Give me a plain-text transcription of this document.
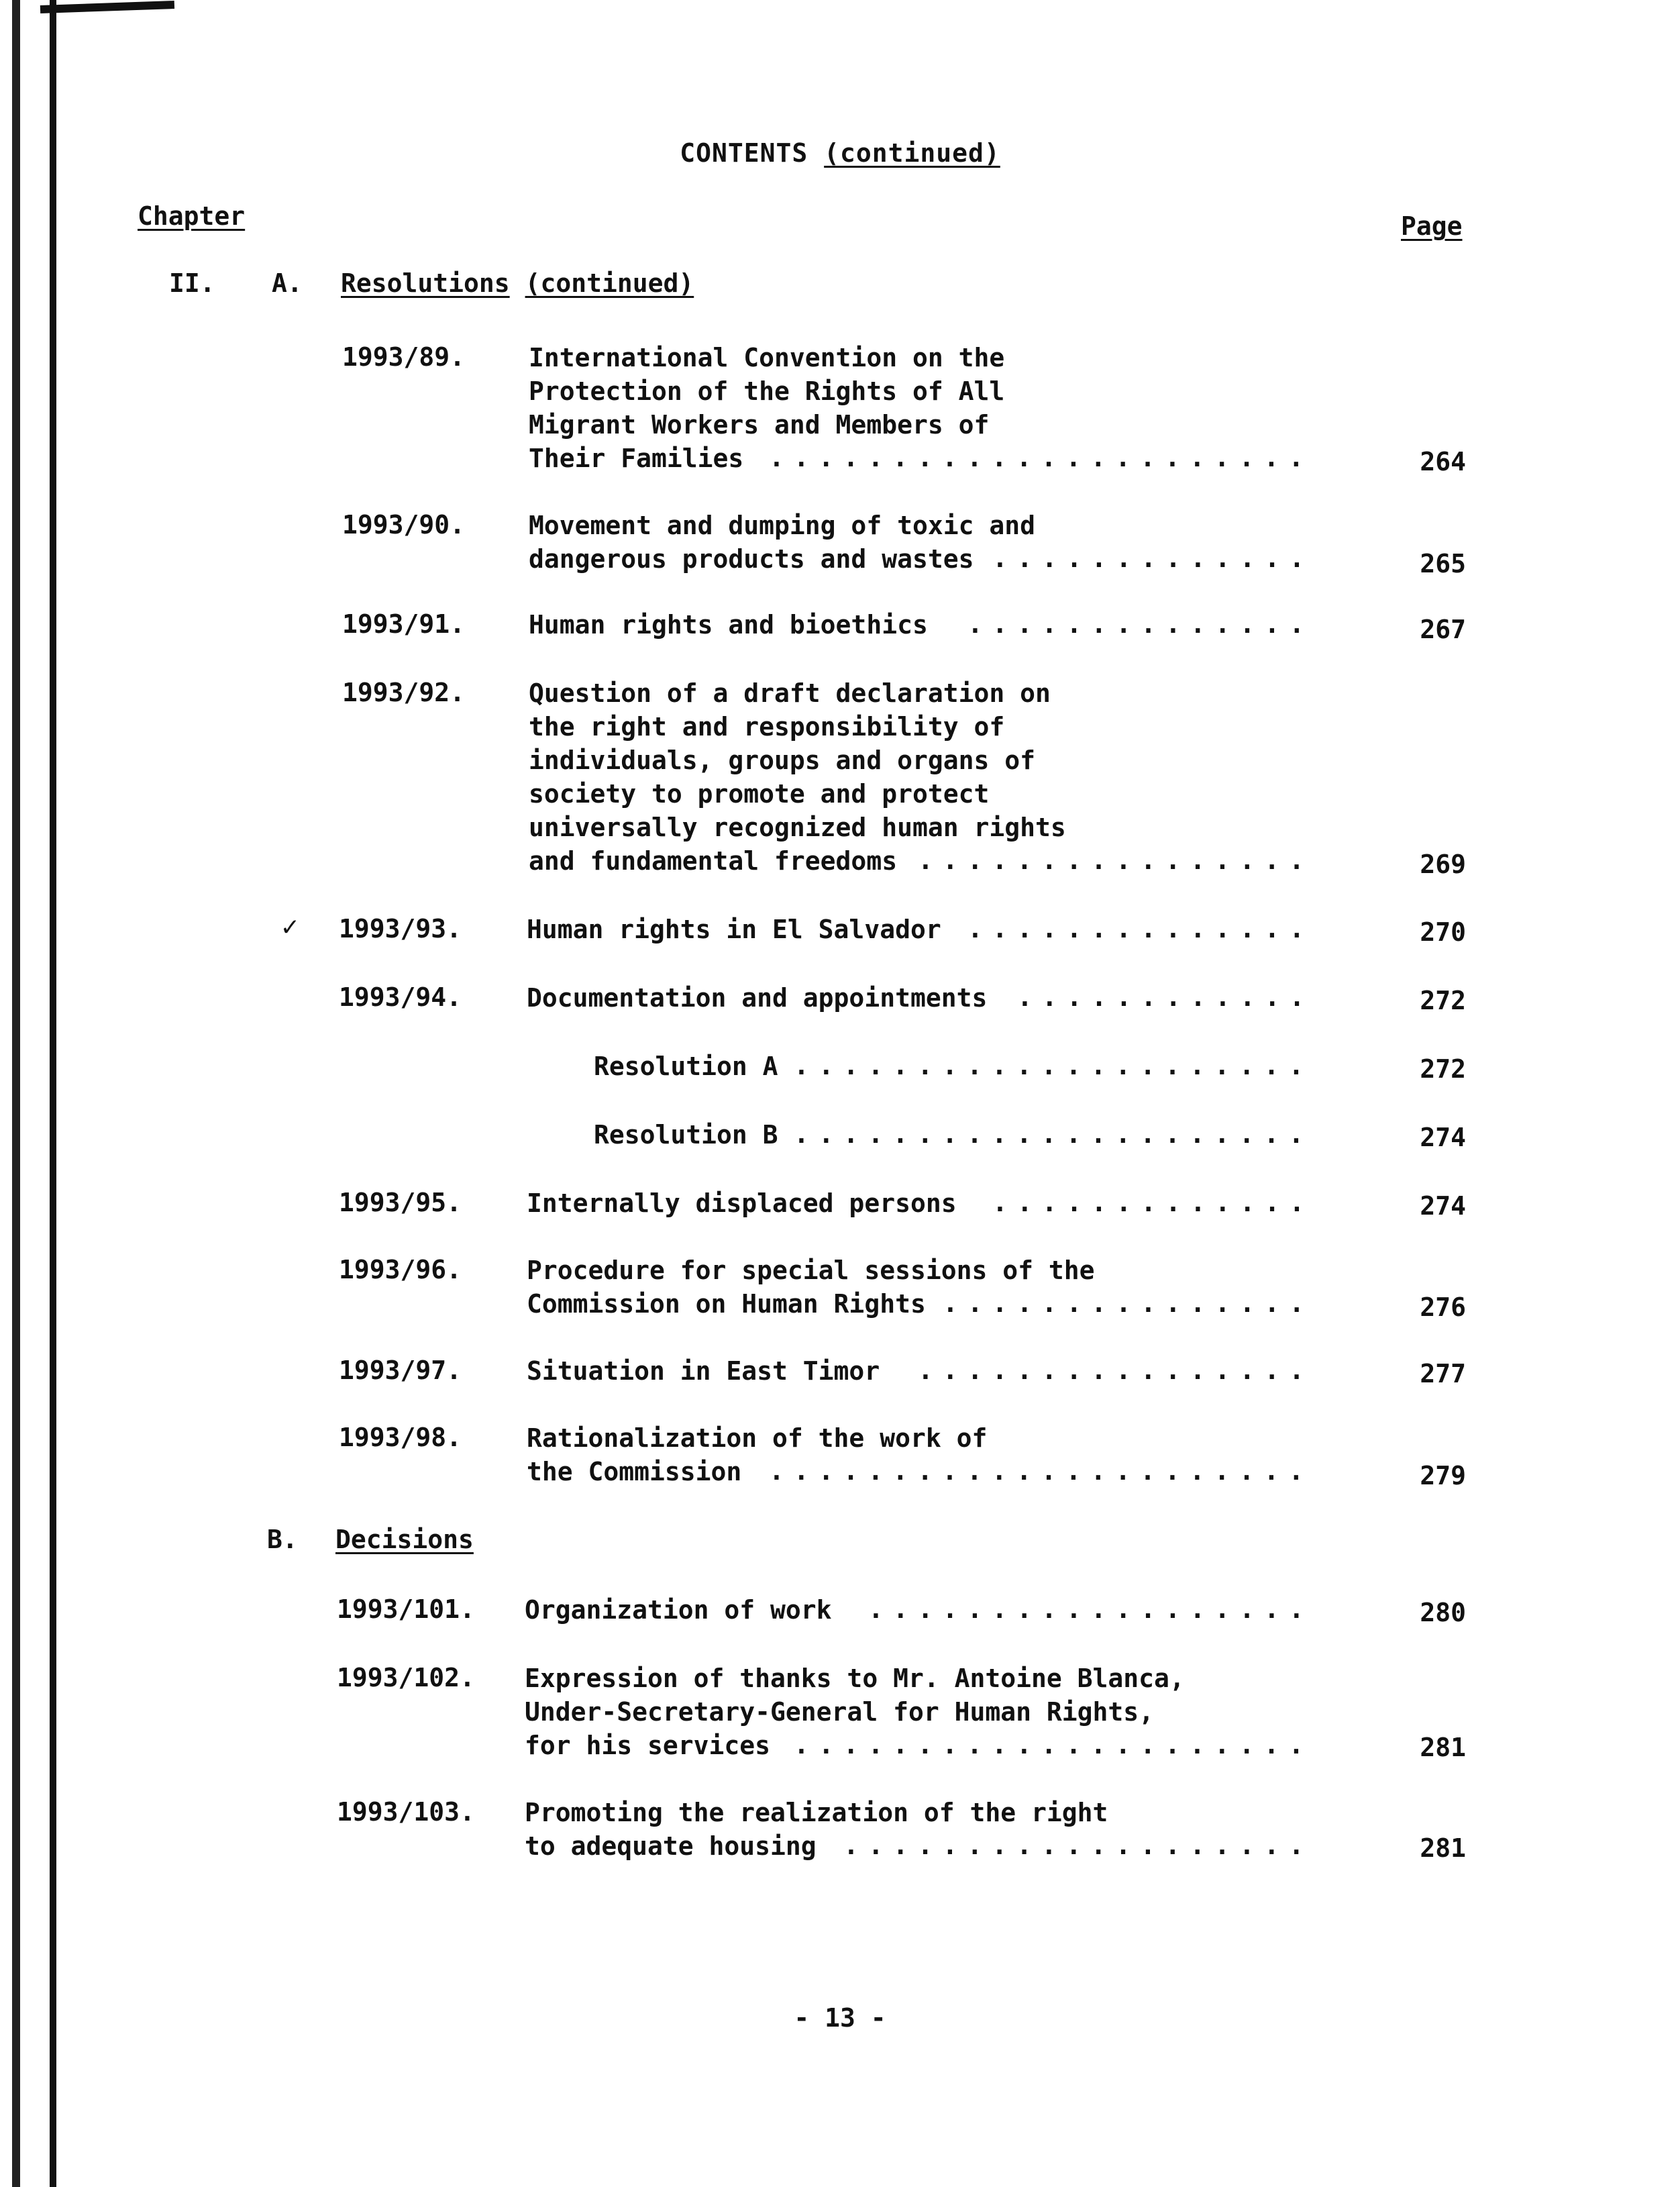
CONTENTS (continued)
Chapter	Page
II. A. Resolutions (continued)
B. Decisions
✓
1993/89. International Convention on the
Protection of the Rights of All
Migrant Workers and Members of
Their Families ......................	264
1993/90. Movement and dumping of toxic and
dangerous products and wastes .............	265
1993/91. Human rights and bioethics ..............	267
1993/92. Question of a draft declaration on
the right and responsibility of
individuals, groups and organs of
society to promote and protect
universally recognized human rights
and fundamental freedoms ................	269
1993/93.	Human rights in El Salvador ..............	270
1993/94.	Documentation and appointments ............	272
Resolution A .....................	272
Resolution B .....................	274
1993/95.	Internally displaced persons .............	274
1993/96.	Procedure for special sessions of the
Commission on Human Rights ...............	276
1993/97.	Situation in East Timor ................	277
1993/98.	Rationalization of the work of
the Commission	......................	279
1993/101. Organization of work ..................	280
1993/102. Expression of thanks to Mr. Antoine Blanca,
Under-Secretary-General for Human Rights,
for his services .....................	281
1993/103. Promoting the realization of the right
to adequate housing	...................	281
- 13 -
